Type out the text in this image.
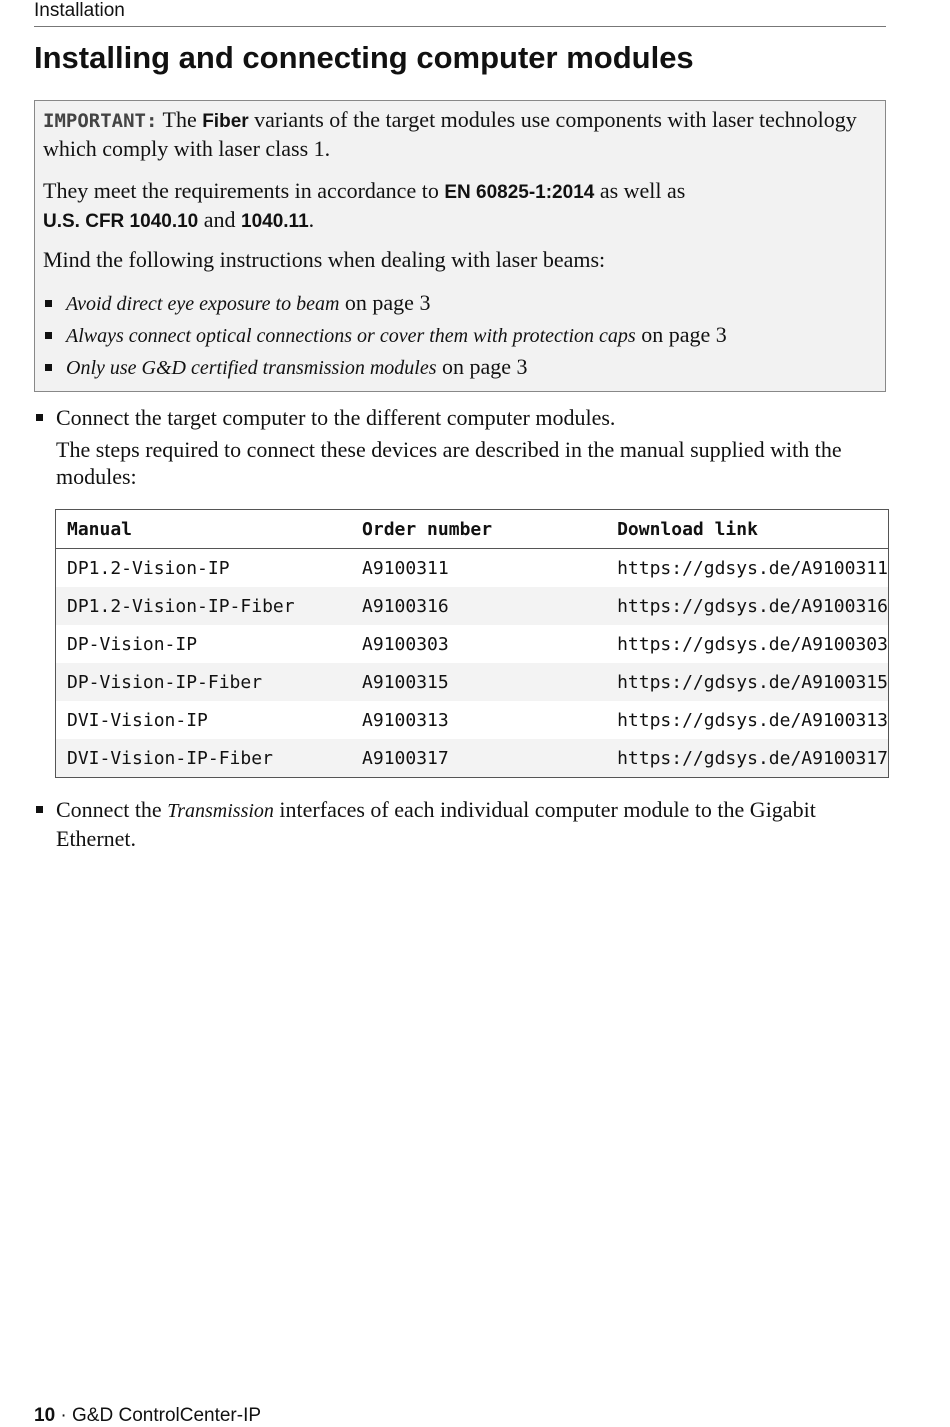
Installation
Installing and connecting computer modules

IMPORTANT: The Fiber variants of the target modules use components with laser technology which comply with laser class 1.

They meet the requirements in accordance to EN 60825-1:2014 as well as
U.S. CFR 1040.10 and 1040.11.

Mind the following instructions when dealing with laser beams:

Avoid direct eye exposure to beam on page 3
Always connect optical connections or cover them with protection caps on page 3
Only use G&D certified transmission modules on page 3
Connect the target computer to the different computer modules.
The steps required to connect these devices are described in the manual supplied with the modules:
Manual	Order number	Download link
DP1.2-Vision-IP	A9100311	https://gdsys.de/A9100311
DP1.2-Vision-IP-Fiber	A9100316	https://gdsys.de/A9100316
DP-Vision-IP	A9100303	https://gdsys.de/A9100303
DP-Vision-IP-Fiber	A9100315	https://gdsys.de/A9100315
DVI-Vision-IP	A9100313	https://gdsys.de/A9100313
DVI-Vision-IP-Fiber	A9100317	https://gdsys.de/A9100317
Connect the Transmission interfaces of each individual computer module to the Gigabit Ethernet.
10 · G&D ControlCenter-IP
